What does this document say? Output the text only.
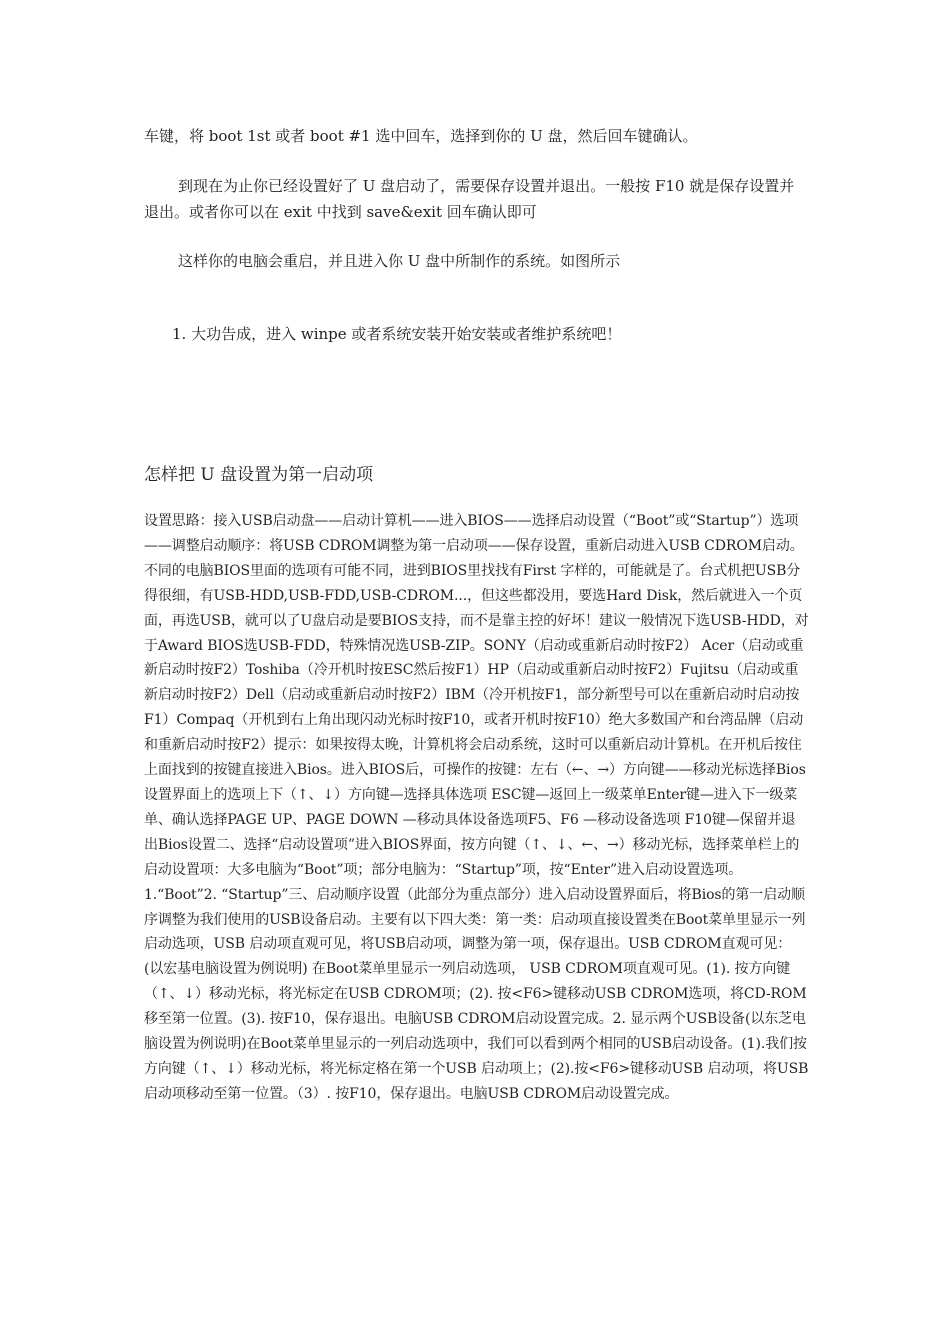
车键，将 boot 1st 或者 boot #1 选中回车，选择到你的 U 盘，然后回车键确认。

到现在为止你已经设置好了 U 盘启动了，需要保存设置并退出。一般按 F10 就是保存设置并退出。或者你可以在 exit 中找到 save&exit 回车确认即可

这样你的电脑会重启，并且进入你 U 盘中所制作的系统。如图所示

1. 大功告成，进入 winpe 或者系统安装开始安装或者维护系统吧！

怎样把 U 盘设置为第一启动项

设置思路：接入USB启动盘——启动计算机——进入BIOS——选择启动设置（“Boot”或“Startup”）选项——调整启动顺序：将USB CDROM调整为第一启动项——保存设置，重新启动进入USB CDROM启动。不同的电脑BIOS里面的选项有可能不同，进到BIOS里找找有First 字样的，可能就是了。台式机把USB分得很细，有USB-HDD,USB-FDD,USB-CDROM...，但这些都没用，要选Hard Disk，然后就进入一个页面，再选USB，就可以了U盘启动是要BIOS支持，而不是靠主控的好坏！建议一般情况下选USB-HDD，对于Award BIOS选USB-FDD，特殊情况选USB-ZIP。SONY（启动或重新启动时按F2） Acer（启动或重新启动时按F2）Toshiba（冷开机时按ESC然后按F1）HP（启动或重新启动时按F2）Fujitsu（启动或重新启动时按F2）Dell（启动或重新启动时按F2）IBM（冷开机按F1，部分新型号可以在重新启动时启动按F1）Compaq（开机到右上角出现闪动光标时按F10，或者开机时按F10）绝大多数国产和台湾品牌（启动和重新启动时按F2）提示：如果按得太晚，计算机将会启动系统，这时可以重新启动计算机。在开机后按住上面找到的按键直接进入Bios。进入BIOS后，可操作的按键：左右（←、→）方向键——移动光标选择Bios设置界面上的选项上下（↑、↓）方向键—选择具体选项 ESC键—返回上一级菜单Enter键—进入下一级菜单、确认选择PAGE UP、PAGE DOWN —移动具体设备选项F5、F6 —移动设备选项 F10键—保留并退出Bios设置二、选择“启动设置项”进入BIOS界面，按方向键（↑、↓、←、→）移动光标，选择菜单栏上的启动设置项：大多电脑为“Boot”项；部分电脑为：“Startup”项，按“Enter”进入启动设置选项。1.“Boot”2. “Startup”三、启动顺序设置（此部分为重点部分）进入启动设置界面后，将Bios的第一启动顺序调整为我们使用的USB设备启动。主要有以下四大类：第一类：启动项直接设置类在Boot菜单里显示一列启动选项，USB 启动项直观可见，将USB启动项，调整为第一项，保存退出。USB CDROM直观可见：(以宏基电脑设置为例说明) 在Boot菜单里显示一列启动选项， USB CDROM项直观可见。(1). 按方向键（↑、↓）移动光标，将光标定在USB CDROM项；(2). 按<F6>键移动USB CDROM选项，将CD-ROM移至第一位置。(3). 按F10，保存退出。电脑USB CDROM启动设置完成。2. 显示两个USB设备(以东芝电脑设置为例说明)在Boot菜单里显示的一列启动选项中，我们可以看到两个相同的USB启动设备。(1).我们按方向键（↑、↓）移动光标，将光标定格在第一个USB 启动项上；(2).按<F6>键移动USB 启动项，将USB启动项移动至第一位置。（3）. 按F10，保存退出。电脑USB CDROM启动设置完成。
